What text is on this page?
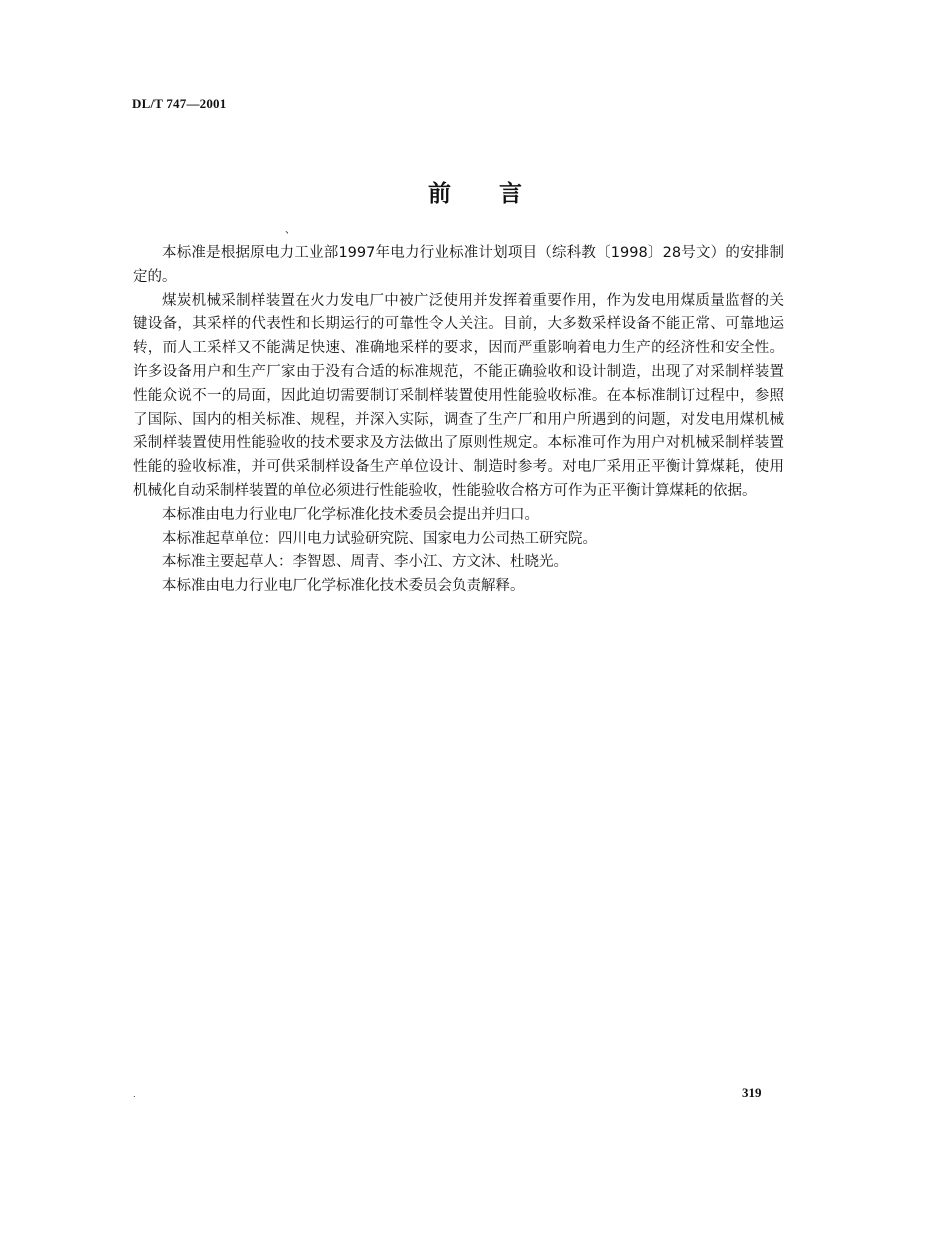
DL/T 747—2001
前言
、

本标准是根据原电力工业部1997年电力行业标准计划项目（综科教〔1998〕28号文）的安排制定的。

煤炭机械采制样装置在火力发电厂中被广泛使用并发挥着重要作用，作为发电用煤质量监督的关键设备，其采样的代表性和长期运行的可靠性令人关注。目前，大多数采样设备不能正常、可靠地运转，而人工采样又不能满足快速、准确地采样的要求，因而严重影响着电力生产的经济性和安全性。许多设备用户和生产厂家由于没有合适的标准规范，不能正确验收和设计制造，出现了对采制样装置性能众说不一的局面，因此迫切需要制订采制样装置使用性能验收标准。在本标准制订过程中，参照了国际、国内的相关标准、规程，并深入实际，调查了生产厂和用户所遇到的问题，对发电用煤机械采制样装置使用性能验收的技术要求及方法做出了原则性规定。本标准可作为用户对机械采制样装置性能的验收标准，并可供采制样设备生产单位设计、制造时参考。对电厂采用正平衡计算煤耗，使用机械化自动采制样装置的单位必须进行性能验收，性能验收合格方可作为正平衡计算煤耗的依据。

本标准由电力行业电厂化学标准化技术委员会提出并归口。

本标准起草单位：四川电力试验研究院、国家电力公司热工研究院。

本标准主要起草人：李智恩、周青、李小江、方文沐、杜晓光。

本标准由电力行业电厂化学标准化技术委员会负责解释。

.	319
